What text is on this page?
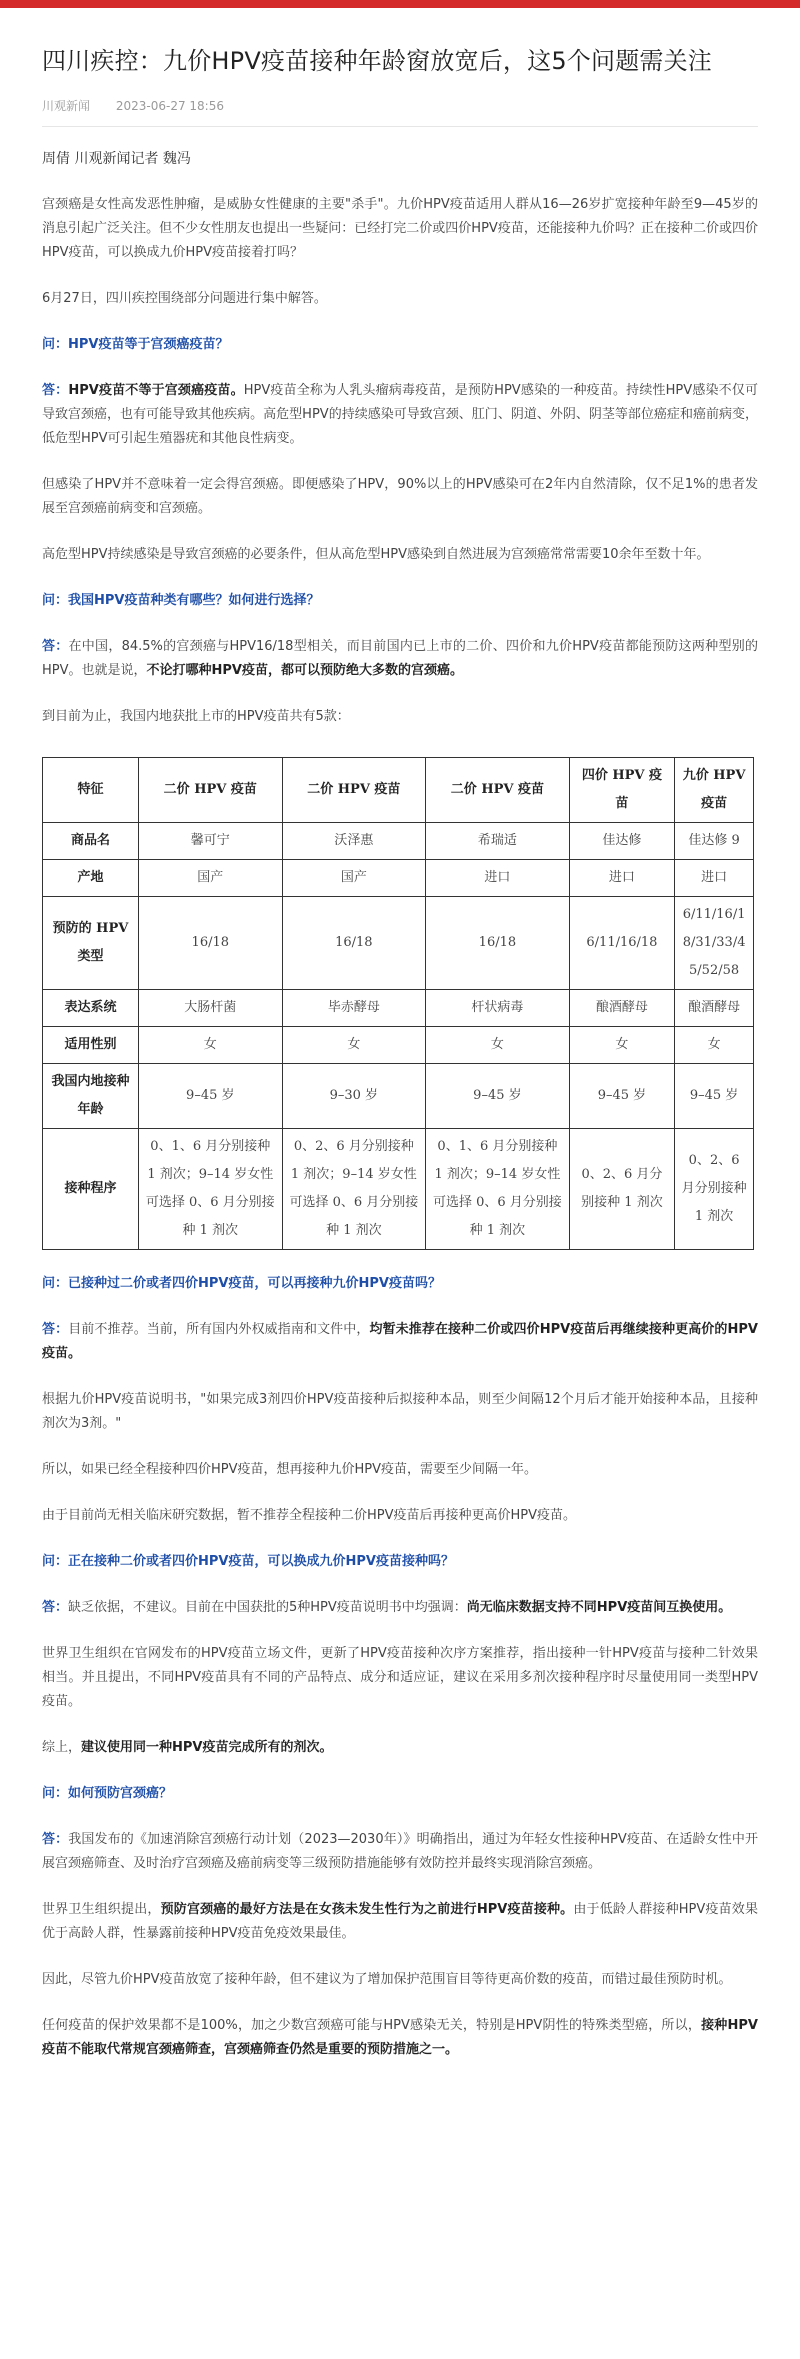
四川疾控：九价HPV疫苗接种年龄窗放宽后，这5个问题需关注
川观新闻 2023-06-27 18:56
周倩 川观新闻记者 魏冯

宫颈癌是女性高发恶性肿瘤，是威胁女性健康的主要"杀手"。九价HPV疫苗适用人群从16—26岁扩宽接种年龄至9—45岁的消息引起广泛关注。但不少女性朋友也提出一些疑问：已经打完二价或四价HPV疫苗，还能接种九价吗？正在接种二价或四价HPV疫苗，可以换成九价HPV疫苗接着打吗？

6月27日，四川疾控围绕部分问题进行集中解答。

问：HPV疫苗等于宫颈癌疫苗？

答：HPV疫苗不等于宫颈癌疫苗。HPV疫苗全称为人乳头瘤病毒疫苗，是预防HPV感染的一种疫苗。持续性HPV感染不仅可导致宫颈癌，也有可能导致其他疾病。高危型HPV的持续感染可导致宫颈、肛门、阴道、外阴、阴茎等部位癌症和癌前病变，低危型HPV可引起生殖器疣和其他良性病变。

但感染了HPV并不意味着一定会得宫颈癌。即便感染了HPV，90%以上的HPV感染可在2年内自然清除，仅不足1%的患者发展至宫颈癌前病变和宫颈癌。

高危型HPV持续感染是导致宫颈癌的必要条件，但从高危型HPV感染到自然进展为宫颈癌常常需要10余年至数十年。

问：我国HPV疫苗种类有哪些？如何进行选择？

答：在中国，84.5%的宫颈癌与HPV16/18型相关，而目前国内已上市的二价、四价和九价HPV疫苗都能预防这两种型别的HPV。也就是说，不论打哪种HPV疫苗，都可以预防绝大多数的宫颈癌。

到目前为止，我国内地获批上市的HPV疫苗共有5款：

特征	二价 HPV 疫苗	二价 HPV 疫苗	二价 HPV 疫苗	四价 HPV 疫苗	九价 HPV 疫苗
商品名	馨可宁	沃泽惠	希瑞适	佳达修	佳达修 9
产地	国产	国产	进口	进口	进口
预防的 HPV 类型	16/18	16/18	16/18	6/11/16/18	6/11/16/18/31/33/45/52/58
表达系统	大肠杆菌	毕赤酵母	杆状病毒	酿酒酵母	酿酒酵母
适用性别	女	女	女	女	女
我国内地接种年龄	9–45 岁	9–30 岁	9–45 岁	9–45 岁	9–45 岁
接种程序	0、1、6 月分别接种 1 剂次；9–14 岁女性可选择 0、6 月分别接种 1 剂次	0、2、6 月分别接种 1 剂次；9–14 岁女性可选择 0、6 月分别接种 1 剂次	0、1、6 月分别接种 1 剂次；9–14 岁女性可选择 0、6 月分别接种 1 剂次	0、2、6 月分别接种 1 剂次	0、2、6 月分别接种 1 剂次

问：已接种过二价或者四价HPV疫苗，可以再接种九价HPV疫苗吗？

答：目前不推荐。当前，所有国内外权威指南和文件中，均暂未推荐在接种二价或四价HPV疫苗后再继续接种更高价的HPV疫苗。

根据九价HPV疫苗说明书，"如果完成3剂四价HPV疫苗接种后拟接种本品，则至少间隔12个月后才能开始接种本品，且接种剂次为3剂。"

所以，如果已经全程接种四价HPV疫苗，想再接种九价HPV疫苗，需要至少间隔一年。

由于目前尚无相关临床研究数据，暂不推荐全程接种二价HPV疫苗后再接种更高价HPV疫苗。

问：正在接种二价或者四价HPV疫苗，可以换成九价HPV疫苗接种吗？

答：缺乏依据，不建议。目前在中国获批的5种HPV疫苗说明书中均强调：尚无临床数据支持不同HPV疫苗间互换使用。

世界卫生组织在官网发布的HPV疫苗立场文件，更新了HPV疫苗接种次序方案推荐，指出接种一针HPV疫苗与接种二针效果相当。并且提出，不同HPV疫苗具有不同的产品特点、成分和适应证，建议在采用多剂次接种程序时尽量使用同一类型HPV疫苗。

综上，建议使用同一种HPV疫苗完成所有的剂次。

问：如何预防宫颈癌？

答：我国发布的《加速消除宫颈癌行动计划（2023—2030年）》明确指出，通过为年轻女性接种HPV疫苗、在适龄女性中开展宫颈癌筛查、及时治疗宫颈癌及癌前病变等三级预防措施能够有效防控并最终实现消除宫颈癌。

世界卫生组织提出，预防宫颈癌的最好方法是在女孩未发生性行为之前进行HPV疫苗接种。由于低龄人群接种HPV疫苗效果优于高龄人群，性暴露前接种HPV疫苗免疫效果最佳。

因此，尽管九价HPV疫苗放宽了接种年龄，但不建议为了增加保护范围盲目等待更高价数的疫苗，而错过最佳预防时机。

任何疫苗的保护效果都不是100%，加之少数宫颈癌可能与HPV感染无关，特别是HPV阴性的特殊类型癌，所以，接种HPV疫苗不能取代常规宫颈癌筛查，宫颈癌筛查仍然是重要的预防措施之一。
